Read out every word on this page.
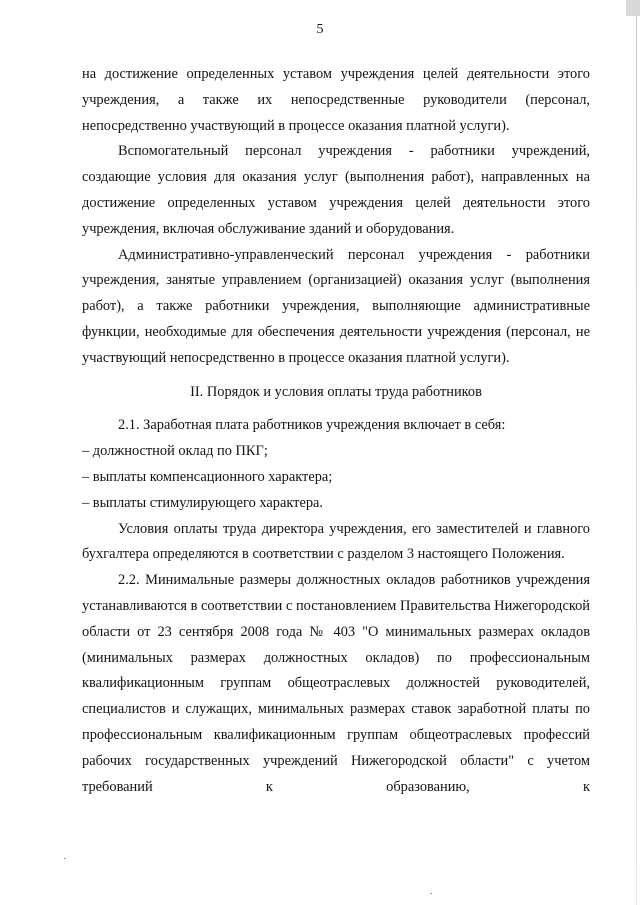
5

на достижение определенных уставом учреждения целей деятельности этого учреждения, а также их непосредственные руководители (персонал, непосредственно участвующий в процессе оказания платной услуги).

Вспомогательный персонал учреждения - работники учреждений, создающие условия для оказания услуг (выполнения работ), направленных на достижение определенных уставом учреждения целей деятельности этого учреждения, включая обслуживание зданий и оборудования.

Административно-управленческий персонал учреждения - работники учреждения, занятые управлением (организацией) оказания услуг (выполнения работ), а также работники учреждения, выполняющие административные функции, необходимые для обеспечения деятельности учреждения (персонал, не участвующий непосредственно в процессе оказания платной услуги).

II. Порядок и условия оплаты труда работников

2.1. Заработная плата работников учреждения включает в себя:

– должностной оклад по ПКГ;

– выплаты компенсационного характера;

– выплаты стимулирующего характера.

Условия оплаты труда директора учреждения, его заместителей и главного бухгалтера определяются в соответствии с разделом 3 настоящего Положения.

2.2. Минимальные размеры должностных окладов работников учреждения устанавливаются в соответствии с постановлением Правительства Нижегородской области от 23 сентября 2008 года № 403 "О минимальных размерах окладов (минимальных размерах должностных окладов) по профессиональным квалификационным группам общеотраслевых должностей руководителей, специалистов и служащих, минимальных размерах ставок заработной платы по профессиональным квалификационным группам общеотраслевых профессий рабочих государственных учреждений Нижегородской области" с учетом требований к образованию, к
